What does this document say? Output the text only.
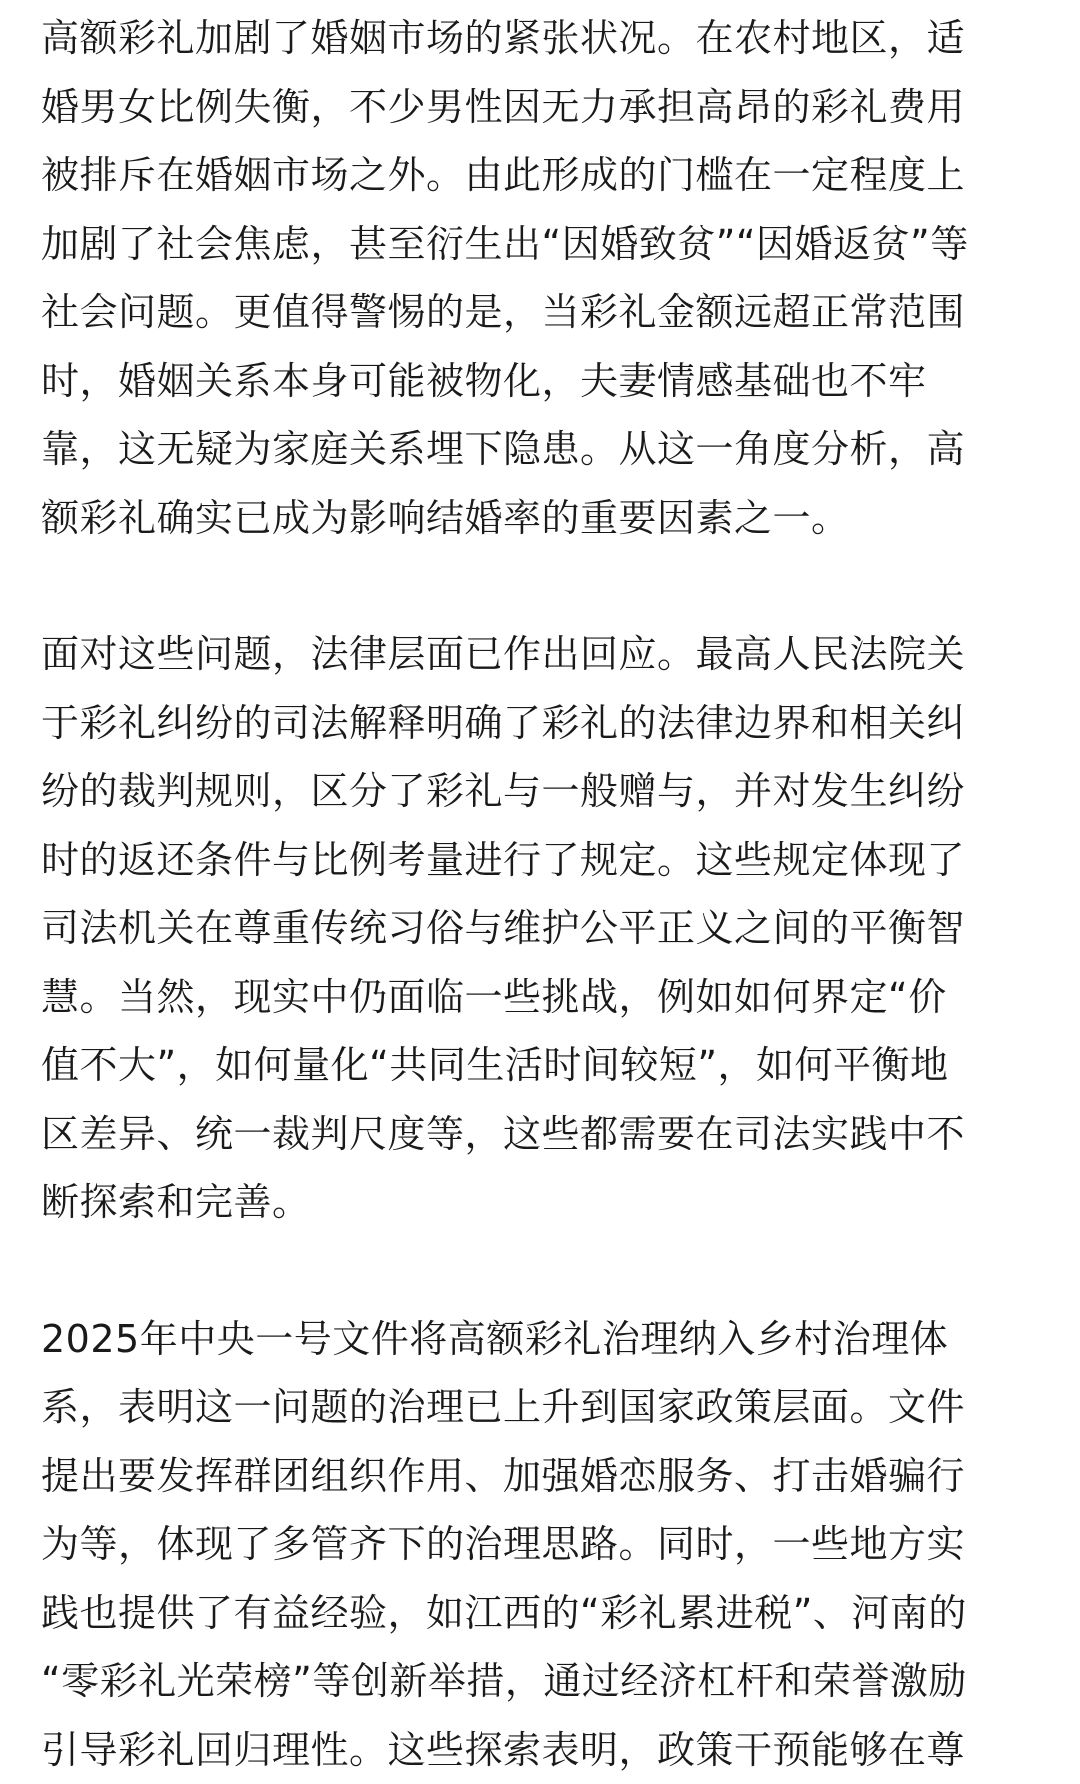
高额彩礼加剧了婚姻市场的紧张状况。在农村地区，适
婚男女比例失衡，不少男性因无力承担高昂的彩礼费用
被排斥在婚姻市场之外。由此形成的门槛在一定程度上
加剧了社会焦虑，甚至衍生出“因婚致贫”“因婚返贫”等
社会问题。更值得警惕的是，当彩礼金额远超正常范围
时，婚姻关系本身可能被物化，夫妻情感基础也不牢
靠，这无疑为家庭关系埋下隐患。从这一角度分析，高
额彩礼确实已成为影响结婚率的重要因素之一。
面对这些问题，法律层面已作出回应。最高人民法院关
于彩礼纠纷的司法解释明确了彩礼的法律边界和相关纠
纷的裁判规则，区分了彩礼与一般赠与，并对发生纠纷
时的返还条件与比例考量进行了规定。这些规定体现了
司法机关在尊重传统习俗与维护公平正义之间的平衡智
慧。当然，现实中仍面临一些挑战，例如如何界定“价
值不大”，如何量化“共同生活时间较短”，如何平衡地
区差异、统一裁判尺度等，这些都需要在司法实践中不
断探索和完善。
2025年中央一号文件将高额彩礼治理纳入乡村治理体
系，表明这一问题的治理已上升到国家政策层面。文件
提出要发挥群团组织作用、加强婚恋服务、打击婚骗行
为等，体现了多管齐下的治理思路。同时，一些地方实
践也提供了有益经验，如江西的“彩礼累进税”、河南的
“零彩礼光荣榜”等创新举措，通过经济杠杆和荣誉激励
引导彩礼回归理性。这些探索表明，政策干预能够在尊
